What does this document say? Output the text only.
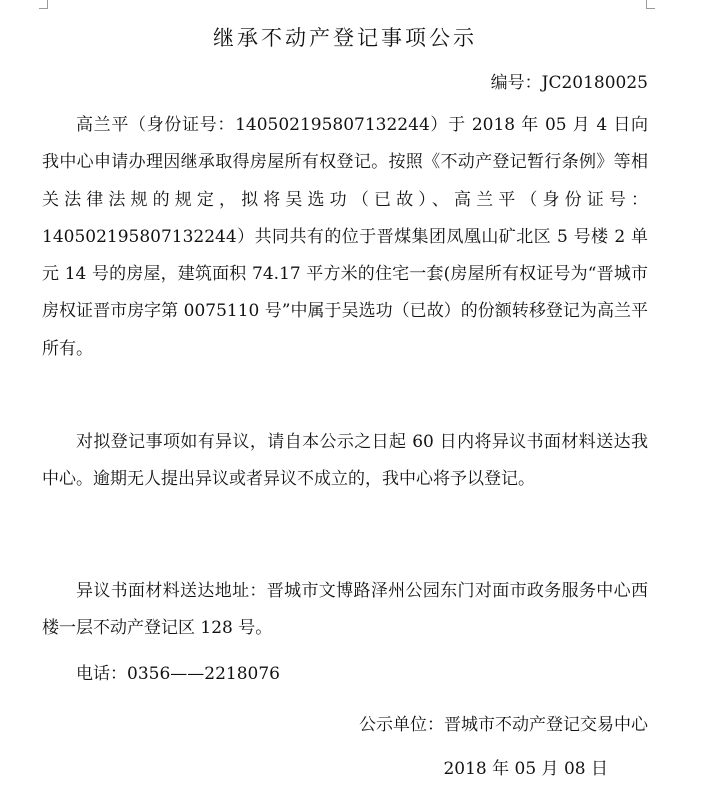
继承不动产登记事项公示
编号：JC20180025
高兰平（身份证号：140502195807132244）于 2018 年 05 月 4 日向我中心申请办理因继承取得房屋所有权登记。按照《不动产登记暂行条例》等相关法律法规的规定，拟将吴选功（已故）、高兰平（身份证号：140502195807132244）共同共有的位于晋煤集团凤凰山矿北区 5 号楼 2 单元 14 号的房屋，建筑面积 74.17 平方米的住宅一套(房屋所有权证号为“晋城市房权证晋市房字第 0075110 号”中属于吴选功（已故）的份额转移登记为高兰平所有。
对拟登记事项如有异议，请自本公示之日起 60 日内将异议书面材料送达我中心。逾期无人提出异议或者异议不成立的，我中心将予以登记。
异议书面材料送达地址：晋城市文博路泽州公园东门对面市政务服务中心西楼一层不动产登记区 128 号。
电话：0356——2218076
公示单位：晋城市不动产登记交易中心
2018 年 05 月 08 日
